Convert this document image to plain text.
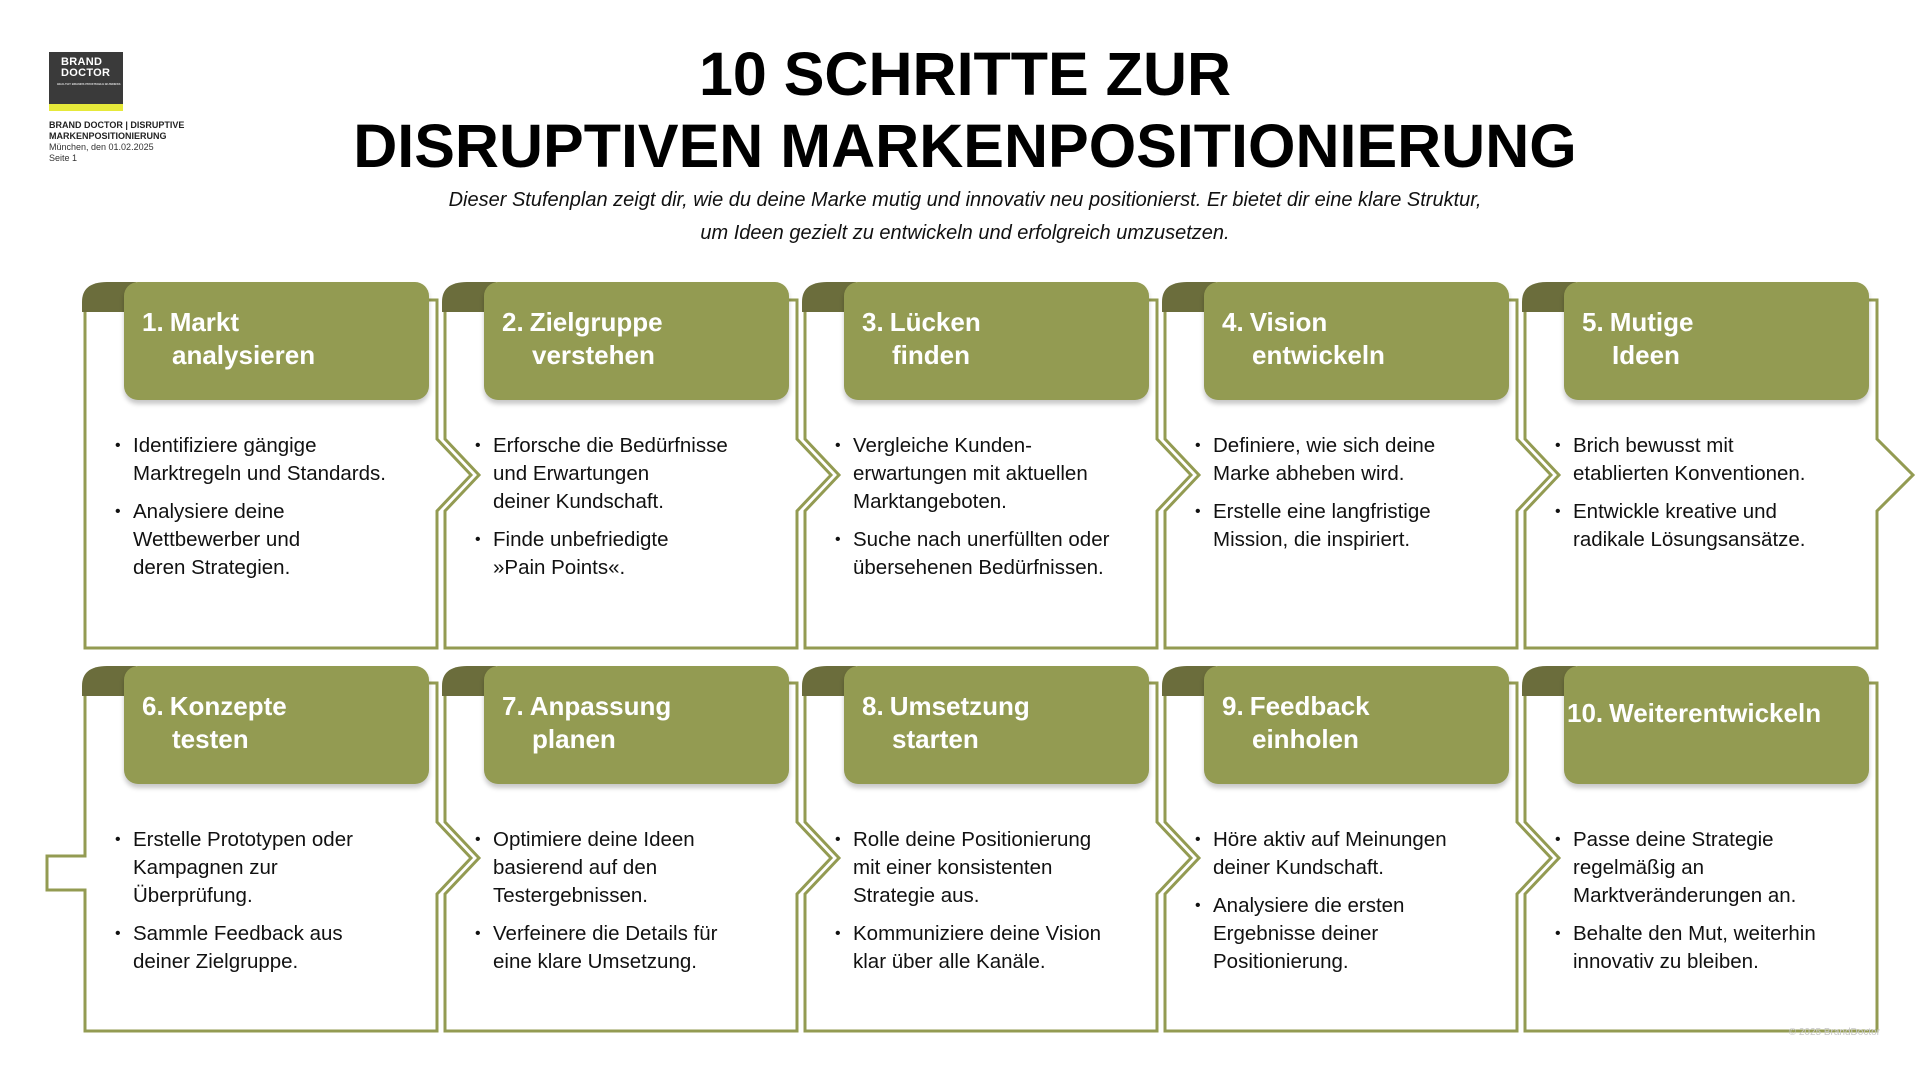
BRAND
DOCTOR
HEALTHY BRANDS PROFITABLE BUSINESS
BRAND DOCTOR | DISRUPTIVE MARKENPOSITIONIERUNG
München, den 01.02.2025
Seite 1
10 SCHRITTE ZUR
DISRUPTIVEN MARKENPOSITIONIERUNG
Dieser Stufenplan zeigt dir, wie du deine Marke mutig und innovativ neu positionierst. Er bietet dir eine klare Struktur,
um Ideen gezielt zu entwickeln und erfolgreich umzusetzen.
1. Markt

analysieren
• Identifiziere gängige
Marktregeln und Standards.
• Analysiere deine
Wettbewerber und
deren Strategien.
2. Zielgruppe

verstehen
• Erforsche die Bedürfnisse
und Erwartungen
deiner Kundschaft.
• Finde unbefriedigte
»Pain Points«.
3. Lücken

finden
• Vergleiche Kunden-
erwartungen mit aktuellen
Marktangeboten.
• Suche nach unerfüllten oder
übersehenen Bedürfnissen.
4. Vision

entwickeln
• Definiere, wie sich deine
Marke abheben wird.
• Erstelle eine langfristige
Mission, die inspiriert.
5. Mutige

Ideen
• Brich bewusst mit
etablierten Konventionen.
• Entwickle kreative und
radikale Lösungsansätze.
6. Konzepte

testen
• Erstelle Prototypen oder
Kampagnen zur
Überprüfung.
• Sammle Feedback aus
deiner Zielgruppe.
7. Anpassung

planen
• Optimiere deine Ideen
basierend auf den
Testergebnissen.
• Verfeinere die Details für
eine klare Umsetzung.
8. Umsetzung

starten
• Rolle deine Positionierung
mit einer konsistenten
Strategie aus.
• Kommuniziere deine Vision
klar über alle Kanäle.
9. Feedback

einholen
• Höre aktiv auf Meinungen
deiner Kundschaft.
• Analysiere die ersten
Ergebnisse deiner
Positionierung.
10. Weiterentwickeln
• Passe deine Strategie
regelmäßig an
Marktveränderungen an.
• Behalte den Mut, weiterhin
innovativ zu bleiben.
© 2025 BrandDoctor
